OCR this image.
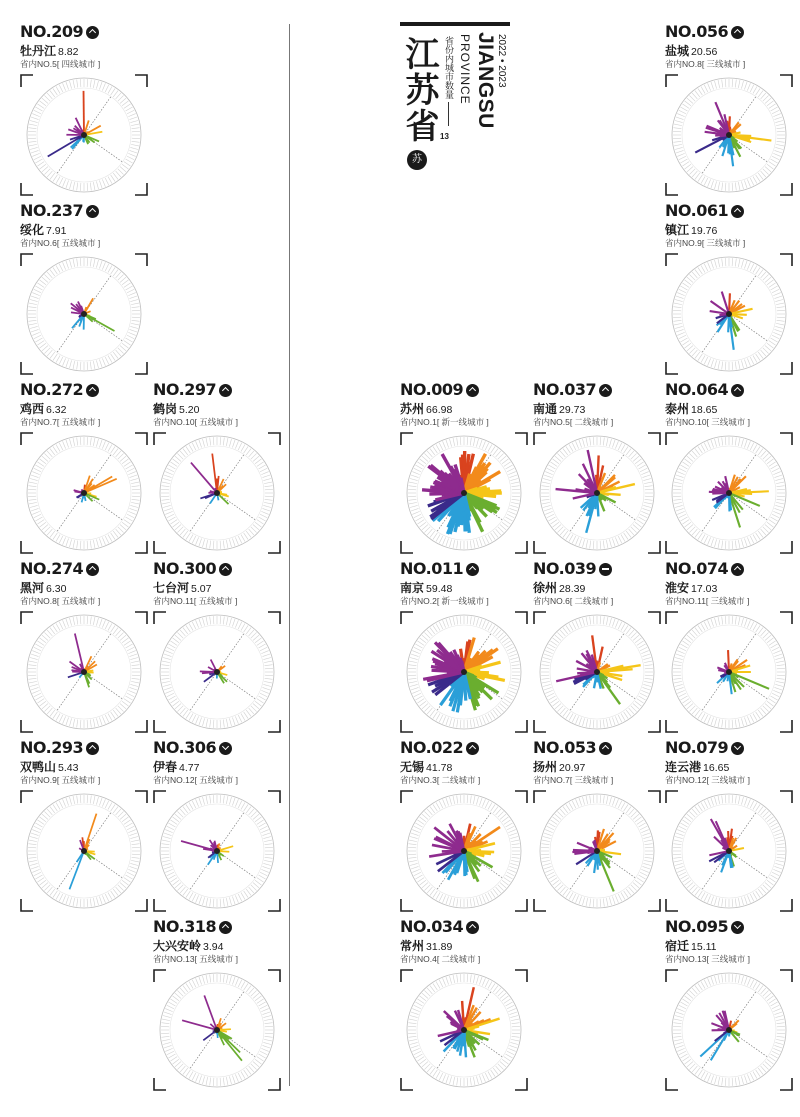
江苏省	2022 • 2023
JIANGSU
PROVINCE
省份内城市数量
13
苏
NO.209
牡丹江 8.82
省内NO.5[ 四线城市 ]
NO.237
绥化 7.91
省内NO.6[ 五线城市 ]
NO.272
鸡西 6.32
省内NO.7[ 五线城市 ]
NO.297
鹤岗 5.20
省内NO.10[ 五线城市 ]
NO.274
黑河 6.30
省内NO.8[ 五线城市 ]
NO.300
七台河 5.07
省内NO.11[ 五线城市 ]
NO.293
双鸭山 5.43
省内NO.9[ 五线城市 ]
NO.306
伊春 4.77
省内NO.12[ 五线城市 ]
NO.318
大兴安岭 3.94
省内NO.13[ 五线城市 ]
NO.056
盐城 20.56
省内NO.8[ 三线城市 ]
NO.061
镇江 19.76
省内NO.9[ 三线城市 ]
NO.009
苏州 66.98
省内NO.1[ 新一线城市 ]
NO.037
南通 29.73
省内NO.5[ 二线城市 ]
NO.064
泰州 18.65
省内NO.10[ 三线城市 ]
NO.011
南京 59.48
省内NO.2[ 新一线城市 ]
NO.039
徐州 28.39
省内NO.6[ 二线城市 ]
NO.074
淮安 17.03
省内NO.11[ 三线城市 ]
NO.022
无锡 41.78
省内NO.3[ 二线城市 ]
NO.053
扬州 20.97
省内NO.7[ 三线城市 ]
NO.079
连云港 16.65
省内NO.12[ 三线城市 ]
NO.034
常州 31.89
省内NO.4[ 二线城市 ]
NO.095
宿迁 15.11
省内NO.13[ 三线城市 ]
